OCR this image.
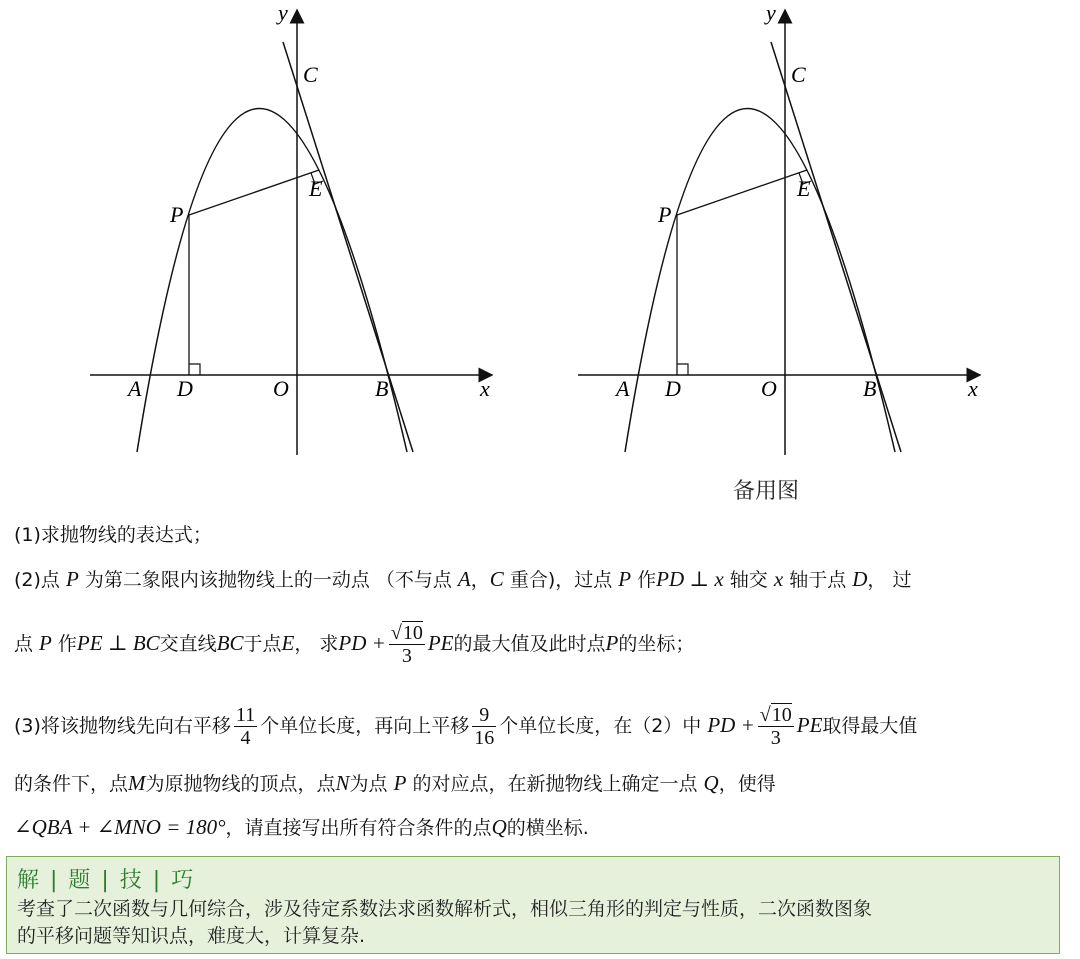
y
x
C
E
P
A D	O	B
y
x
C
E
P
A D	O	B
备用图
(1)求抛物线的表达式；
(2)点 P 为第二象限内该抛物线上的一动点 （不与点 A，C 重合)，过点 P 作PD ⊥ x 轴交 x 轴于点 D， 过
点 P 作PE ⊥ BC交直线BC于点E， 求PD + $\frac{√10}{3}$ PE的最大值及此时点P的坐标；
(3)将该抛物线先向右平移 $\frac{11}{4}$ 个单位长度，再向上平移 $\frac{9}{16}$ 个单位长度，在（2）中 PD + $\frac{√10}{3}$ PE取得最大值
的条件下，点M为原抛物线的顶点，点N为点 P 的对应点，在新抛物线上确定一点 Q，使得
∠QBA + ∠MNO = 180°，请直接写出所有符合条件的点Q的横坐标.
解 | 题 | 技 | 巧
考查了二次函数与几何综合，涉及待定系数法求函数解析式，相似三角形的判定与性质，二次函数图象
的平移问题等知识点，难度大，计算复杂.
